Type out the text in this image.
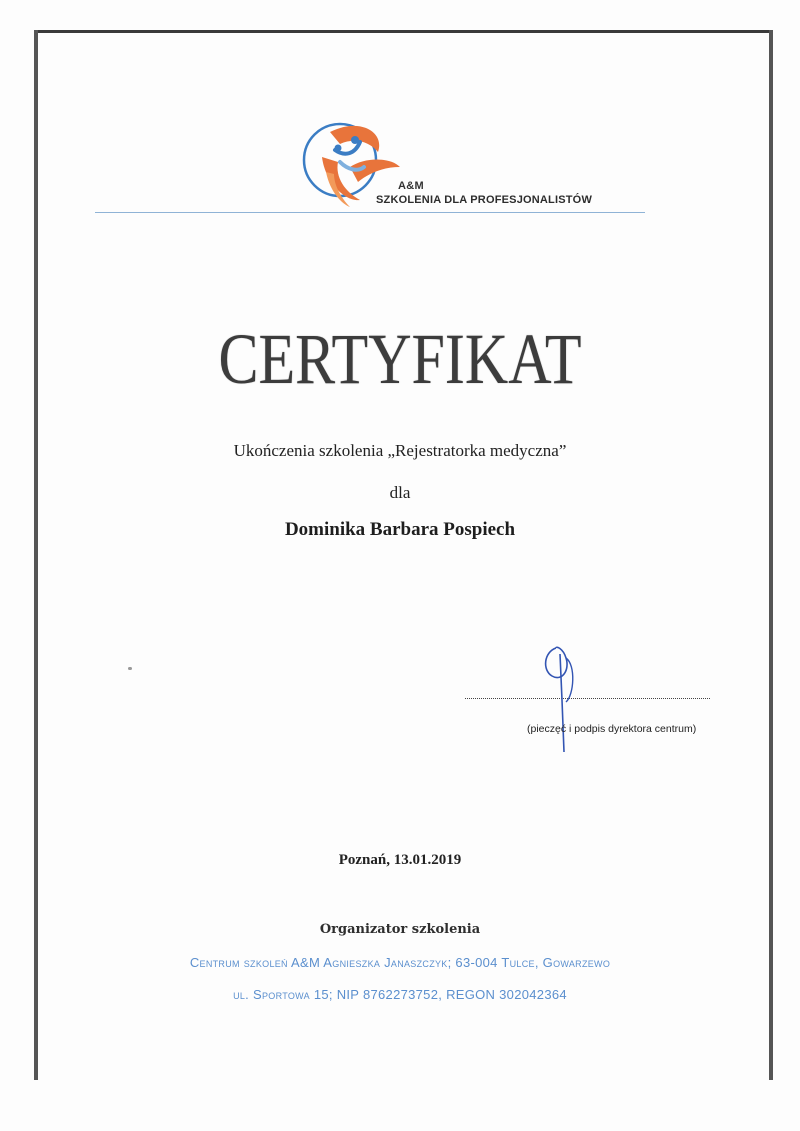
A&M
SZKOLENIA DLA PROFESJONALISTÓW
CERTYFIKAT
Ukończenia szkolenia „Rejestratorka medyczna”
dla
Dominika Barbara Pospiech
(pieczęć i podpis dyrektora centrum)
Poznań, 13.01.2019
Organizator szkolenia
Centrum szkoleń A&M Agnieszka Janaszczyk; 63-004 Tulce, Gowarzewo
ul. Sportowa 15; NIP 8762273752, REGON 302042364
